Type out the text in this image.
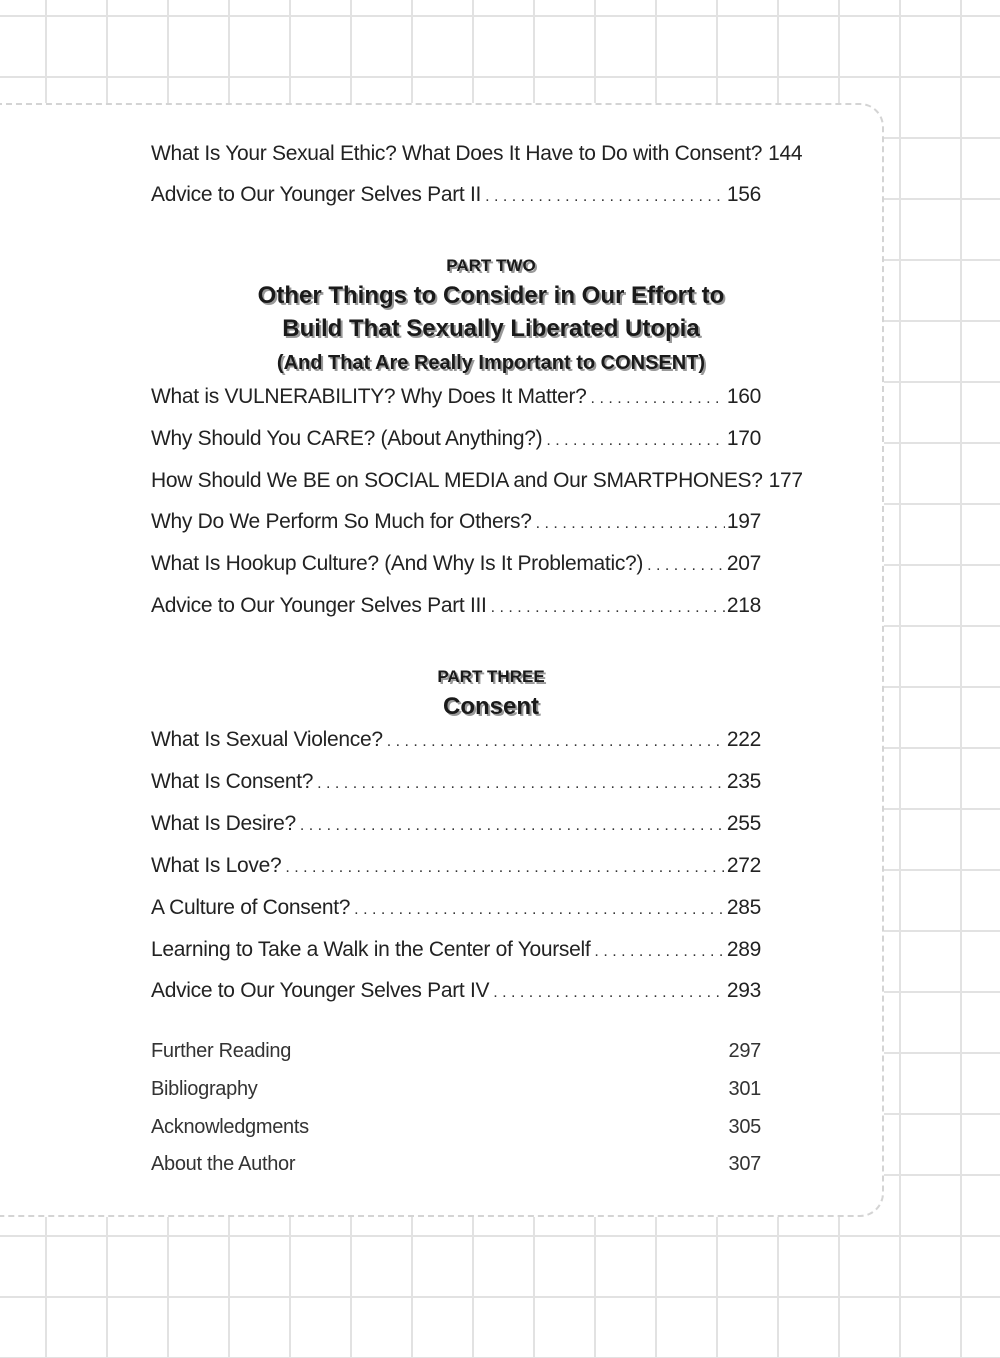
PART TWO
Other Things to Consider in Our Effort to
Build That Sexually Liberated Utopia
(And That Are Really Important to CONSENT)
PART THREE
Consent
What Is Your Sexual Ethic? What Does It Have to Do with Consent? 144
Advice to Our Younger Selves Part II . . .	156
What is VULNERABILITY? Why Does It Matter? . . .	160
Why Should You CARE? (About Anything?) . . .	170
How Should We BE on SOCIAL MEDIA and Our SMARTPHONES? 177
Why Do We Perform So Much for Others? . . .	197
What Is Hookup Culture? (And Why Is It Problematic?) . . .	207
Advice to Our Younger Selves Part III . . .	218
What Is Sexual Violence? . . .	222
What Is Consent? . . .	235
What Is Desire? . . .	255
What Is Love? . . .	272
A Culture of Consent? . . .	285
Learning to Take a Walk in the Center of Yourself . . .	289
Advice to Our Younger Selves Part IV . . .	293
Further Reading	297
Bibliography	301
Acknowledgments	305
About the Author	307
